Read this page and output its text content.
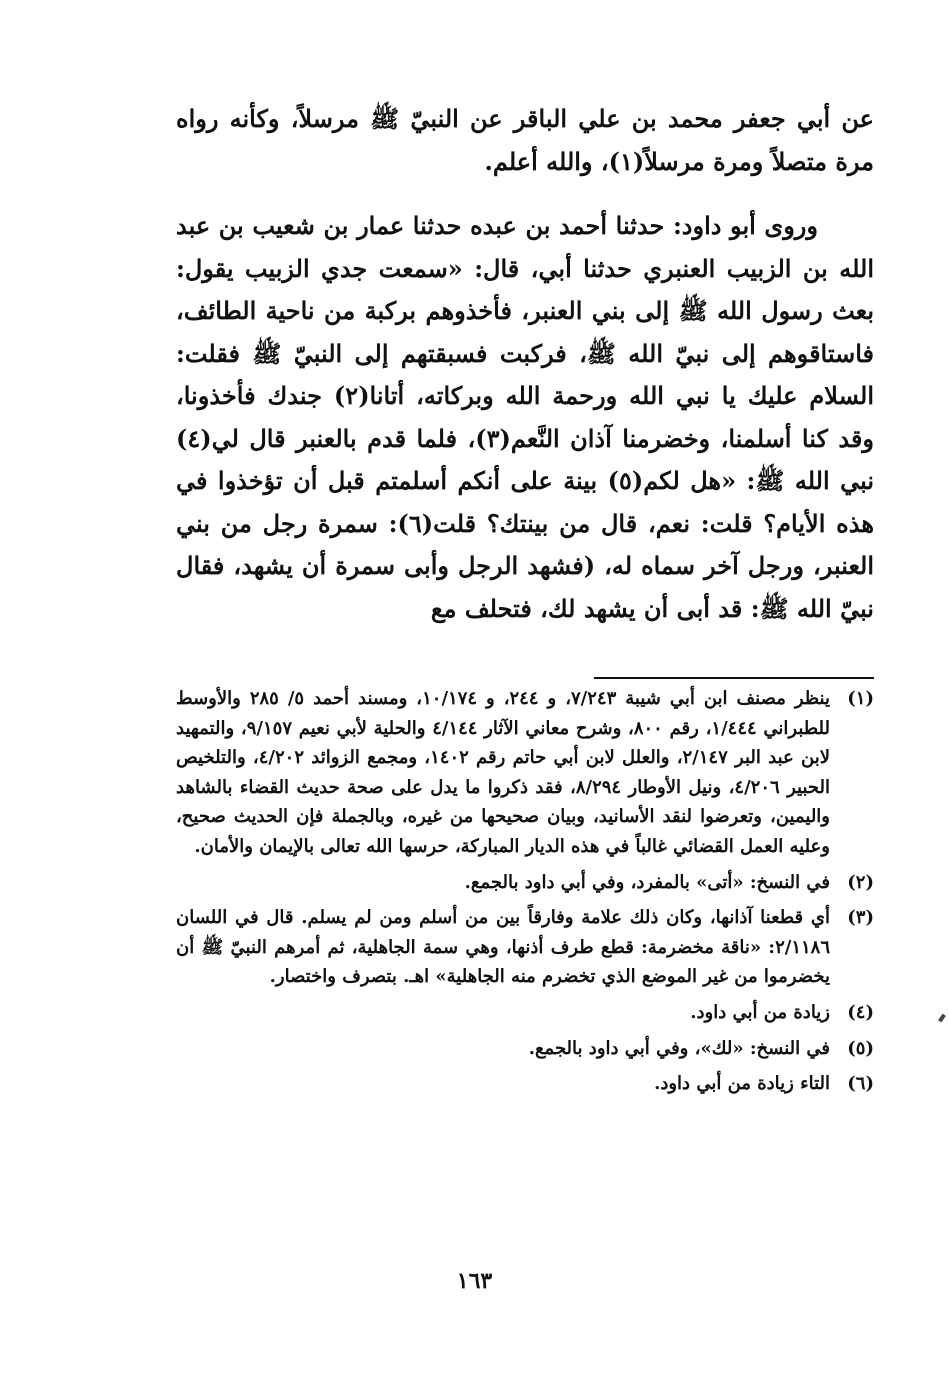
عن أبي جعفر محمد بن علي الباقر عن النبيّ ﷺ مرسلاً، وكأنه رواه مرة متصلاً ومرة مرسلاً(١)، والله أعلم.

وروى أبو داود: حدثنا أحمد بن عبده حدثنا عمار بن شعيب بن عبد الله بن الزبيب العنبري حدثنا أبي، قال: «سمعت جدي الزبيب يقول: بعث رسول الله ﷺ إلى بني العنبر، فأخذوهم بركبة من ناحية الطائف، فاستاقوهم إلى نبيّ الله ﷺ، فركبت فسبقتهم إلى النبيّ ﷺ فقلت: السلام عليك يا نبي الله ورحمة الله وبركاته، أتانا(٢) جندك فأخذونا، وقد كنا أسلمنا، وخضرمنا آذان النَّعم(٣)، فلما قدم بالعنبر قال لي(٤) نبي الله ﷺ: «هل لكم(٥) بينة على أنكم أسلمتم قبل أن تؤخذوا في هذه الأيام؟ قلت: نعم، قال من بينتك؟ قلت(٦): سمرة رجل من بني العنبر، ورجل آخر سماه له، (فشهد الرجل وأبى سمرة أن يشهد، فقال نبيّ الله ﷺ: قد أبى أن يشهد لك، فتحلف مع

(١)
ينظر مصنف ابن أبي شيبة ٧/٢٤٣، و ٢٤٤، و ١٠/١٧٤، ومسند أحمد ٥/ ٢٨٥ والأوسط للطبراني ١/٤٤٤، رقم ٨٠٠، وشرح معاني الآثار ٤/١٤٤ والحلية لأبي نعيم ٩/١٥٧، والتمهيد لابن عبد البر ٢/١٤٧، والعلل لابن أبي حاتم رقم ١٤٠٢، ومجمع الزوائد ٤/٢٠٢، والتلخيص الحبير ٤/٢٠٦، ونيل الأوطار ٨/٢٩٤، فقد ذكروا ما يدل على صحة حديث القضاء بالشاهد واليمين، وتعرضوا لنقد الأسانيد، وبيان صحيحها من غيره، وبالجملة فإن الحديث صحيح، وعليه العمل القضائي غالباً في هذه الديار المباركة، حرسها الله تعالى بالإيمان والأمان.
(٢)
في النسخ: «أتى» بالمفرد، وفي أبي داود بالجمع.
(٣)
أي قطعنا آذانها، وكان ذلك علامة وفارقاً بين من أسلم ومن لم يسلم. قال في اللسان ٢/١١٨٦: «ناقة مخضرمة: قطع طرف أذنها، وهي سمة الجاهلية، ثم أمرهم النبيّ ﷺ أن يخضرموا من غير الموضع الذي تخضرم منه الجاهلية» اهـ. بتصرف واختصار.
(٤)
زيادة من أبي داود.
(٥)
في النسخ: «لك»، وفي أبي داود بالجمع.
(٦)
التاء زيادة من أبي داود.
١٦٣
